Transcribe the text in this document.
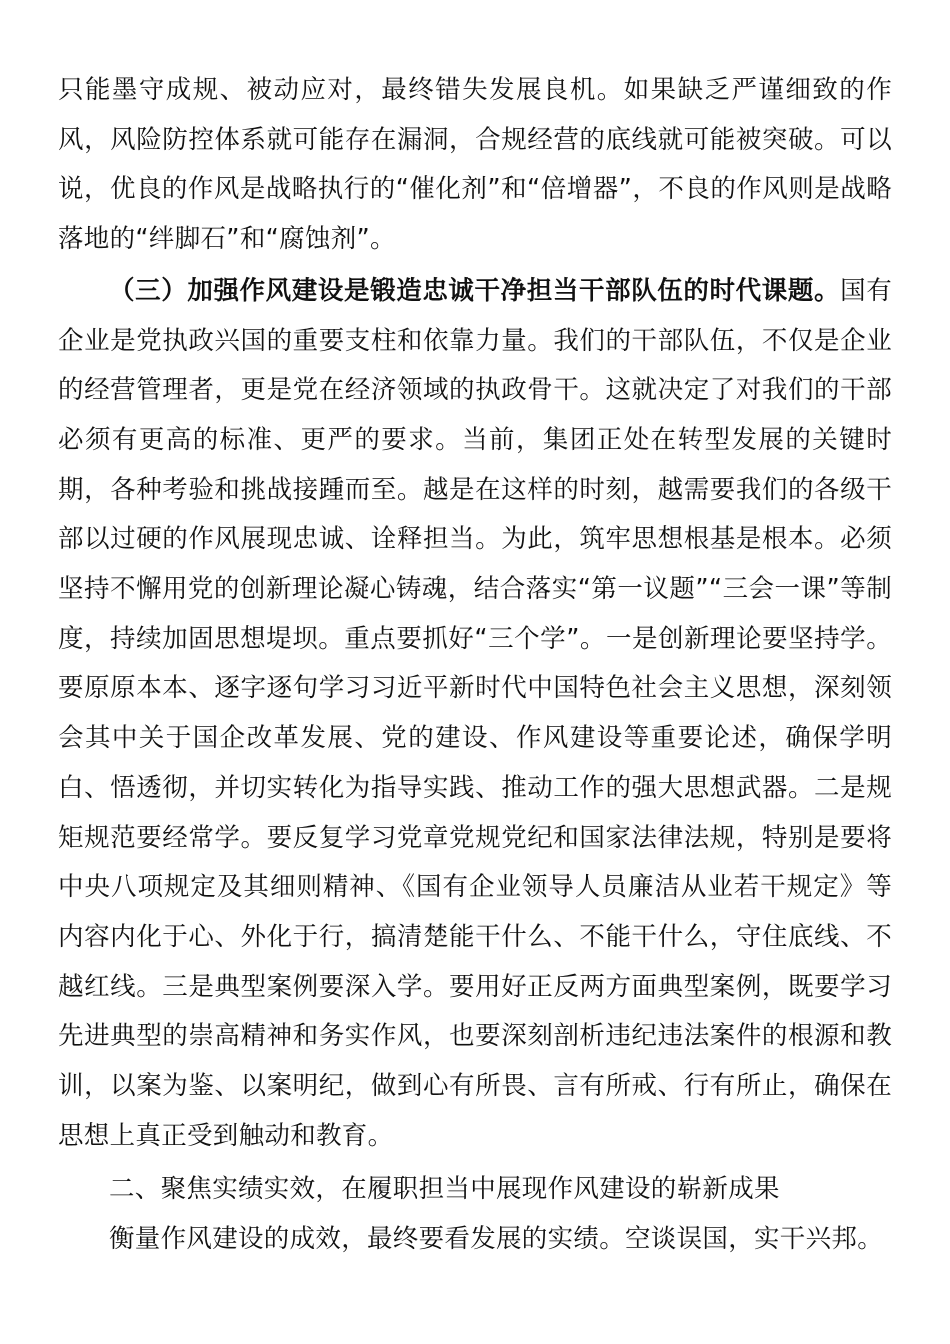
只能墨守成规、被动应对，最终错失发展良机。如果缺乏严谨细致的作风，风险防控体系就可能存在漏洞，合规经营的底线就可能被突破。可以说，优良的作风是战略执行的“催化剂”和“倍增器”，不良的作风则是战略落地的“绊脚石”和“腐蚀剂”。

（三）加强作风建设是锻造忠诚干净担当干部队伍的时代课题。国有企业是党执政兴国的重要支柱和依靠力量。我们的干部队伍，不仅是企业的经营管理者，更是党在经济领域的执政骨干。这就决定了对我们的干部必须有更高的标准、更严的要求。当前，集团正处在转型发展的关键时期，各种考验和挑战接踵而至。越是在这样的时刻，越需要我们的各级干部以过硬的作风展现忠诚、诠释担当。为此，筑牢思想根基是根本。必须坚持不懈用党的创新理论凝心铸魂，结合落实“第一议题”“三会一课”等制度，持续加固思想堤坝。重点要抓好“三个学”。一是创新理论要坚持学。要原原本本、逐字逐句学习习近平新时代中国特色社会主义思想，深刻领会其中关于国企改革发展、党的建设、作风建设等重要论述，确保学明白、悟透彻，并切实转化为指导实践、推动工作的强大思想武器。二是规矩规范要经常学。要反复学习党章党规党纪和国家法律法规，特别是要将中央八项规定及其细则精神、《国有企业领导人员廉洁从业若干规定》等内容内化于心、外化于行，搞清楚能干什么、不能干什么，守住底线、不越红线。三是典型案例要深入学。要用好正反两方面典型案例，既要学习先进典型的崇高精神和务实作风，也要深刻剖析违纪违法案件的根源和教训，以案为鉴、以案明纪，做到心有所畏、言有所戒、行有所止，确保在思想上真正受到触动和教育。

二、聚焦实绩实效，在履职担当中展现作风建设的崭新成果

衡量作风建设的成效，最终要看发展的实绩。空谈误国，实干兴邦。
